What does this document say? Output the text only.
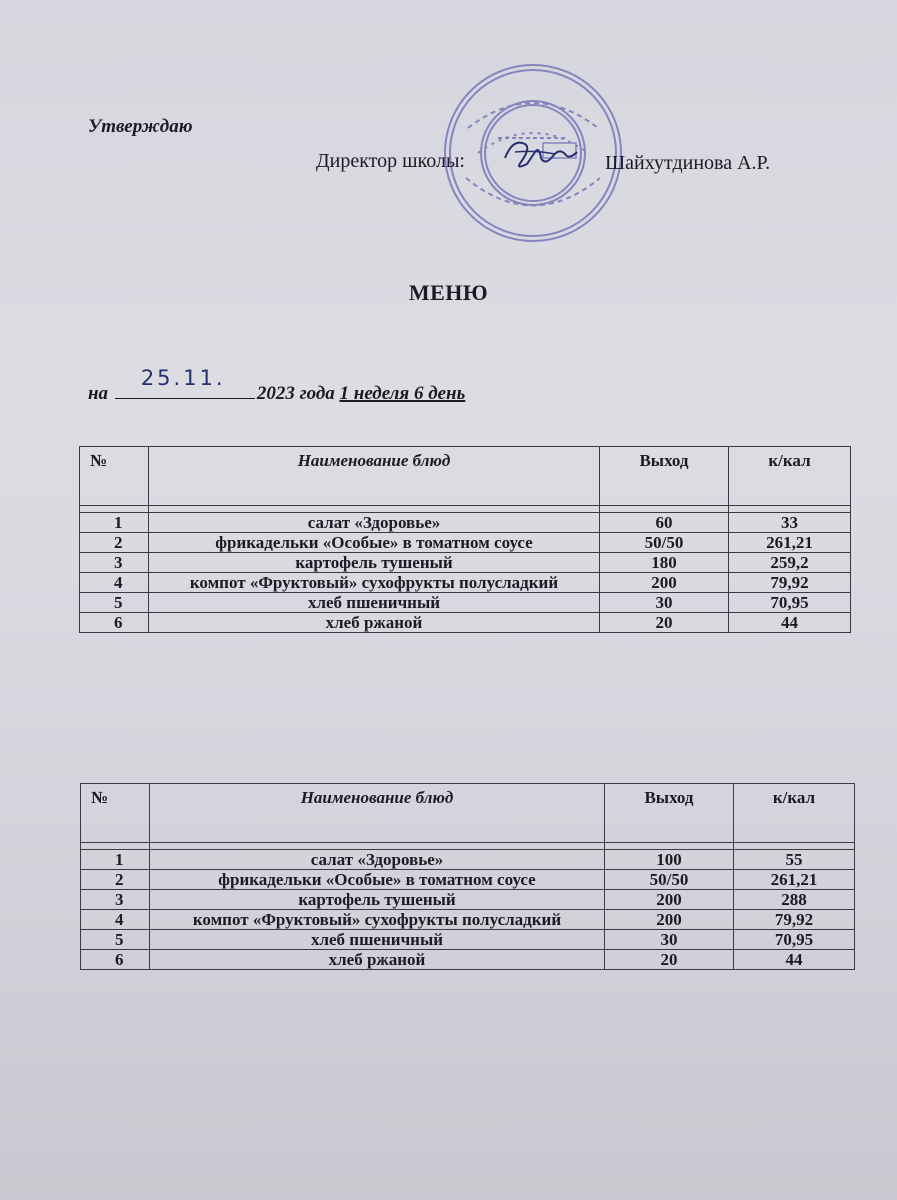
Утверждаю
Директор школы:	Шайхутдинова А.Р.
МЕНЮ
на
25.11.
2023 года 1 неделя 6 день
№	Наименование блюд	Выход	к/кал

1	салат «Здоровье»	60	33
2	фрикадельки «Особые» в томатном соусе	50/50	261,21
3	картофель тушеный	180	259,2
4	компот «Фруктовый» сухофрукты полусладкий	200	79,92
5	хлеб пшеничный	30	70,95
6	хлеб ржаной	20	44
№	Наименование блюд	Выход	к/кал

1	салат «Здоровье»	100	55
2	фрикадельки «Особые» в томатном соусе	50/50	261,21
3	картофель тушеный	200	288
4	компот «Фруктовый» сухофрукты полусладкий	200	79,92
5	хлеб пшеничный	30	70,95
6	хлеб ржаной	20	44
